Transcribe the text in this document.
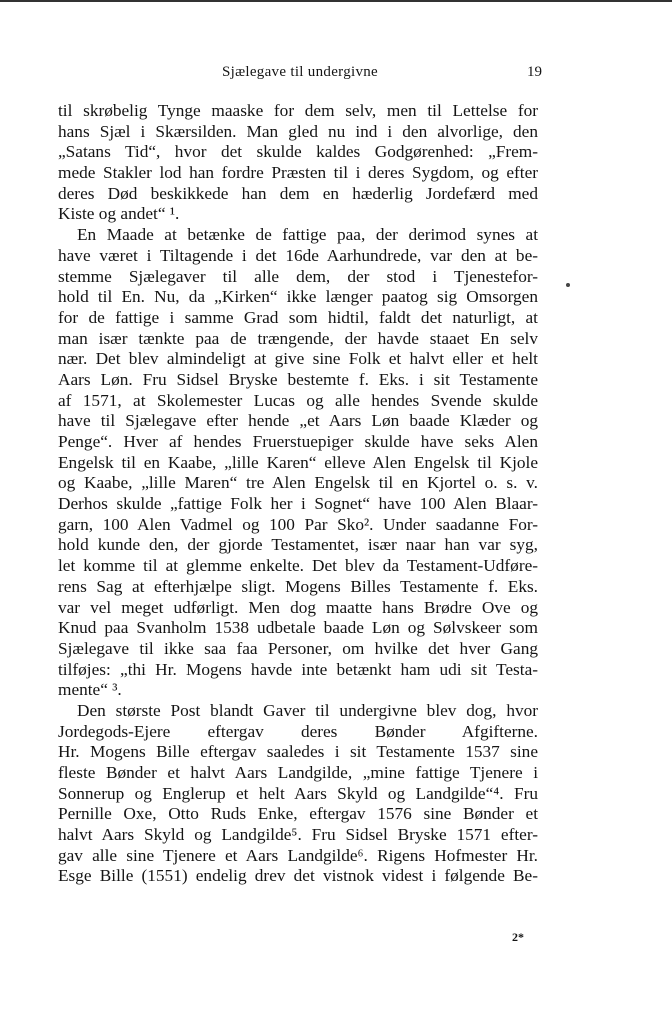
Sjælegave til undergivne	19
til skrøbelig Tynge maaske for dem selv, men til Lettelse for
hans Sjæl i Skærsilden. Man gled nu ind i den alvorlige, den
„Satans Tid“, hvor det skulde kaldes Godgørenhed: „Frem-
mede Stakler lod han fordre Præsten til i deres Sygdom, og efter
deres Død beskikkede han dem en hæderlig Jordefærd med
Kiste og andet“ ¹.
En Maade at betænke de fattige paa, der derimod synes at
have været i Tiltagende i det 16de Aarhundrede, var den at be-
stemme Sjælegaver til alle dem, der stod i Tjenestefor-
hold til En. Nu, da „Kirken“ ikke længer paatog sig Omsorgen
for de fattige i samme Grad som hidtil, faldt det naturligt, at
man især tænkte paa de trængende, der havde staaet En selv
nær. Det blev almindeligt at give sine Folk et halvt eller et helt
Aars Løn. Fru Sidsel Bryske bestemte f. Eks. i sit Testamente
af 1571, at Skolemester Lucas og alle hendes Svende skulde
have til Sjælegave efter hende „et Aars Løn baade Klæder og
Penge“. Hver af hendes Fruerstuepiger skulde have seks Alen
Engelsk til en Kaabe, „lille Karen“ elleve Alen Engelsk til Kjole
og Kaabe, „lille Maren“ tre Alen Engelsk til en Kjortel o. s. v.
Derhos skulde „fattige Folk her i Sognet“ have 100 Alen Blaar-
garn, 100 Alen Vadmel og 100 Par Sko². Under saadanne For-
hold kunde den, der gjorde Testamentet, især naar han var syg,
let komme til at glemme enkelte. Det blev da Testament-Udføre-
rens Sag at efterhjælpe sligt. Mogens Billes Testamente f. Eks.
var vel meget udførligt. Men dog maatte hans Brødre Ove og
Knud paa Svanholm 1538 udbetale baade Løn og Sølvskeer som
Sjælegave til ikke saa faa Personer, om hvilke det hver Gang
tilføjes: „thi Hr. Mogens havde inte betænkt ham udi sit Testa-
mente“ ³.
Den største Post blandt Gaver til undergivne blev dog, hvor
Jordegods-Ejere eftergav deres Bønder Afgifterne.
Hr. Mogens Bille eftergav saaledes i sit Testamente 1537 sine
fleste Bønder et halvt Aars Landgilde, „mine fattige Tjenere i
Sonnerup og Englerup et helt Aars Skyld og Landgilde“⁴. Fru
Pernille Oxe, Otto Ruds Enke, eftergav 1576 sine Bønder et
halvt Aars Skyld og Landgilde⁵. Fru Sidsel Bryske 1571 efter-
gav alle sine Tjenere et Aars Landgilde⁶. Rigens Hofmester Hr.
Esge Bille (1551) endelig drev det vistnok videst i følgende Be-
2*
